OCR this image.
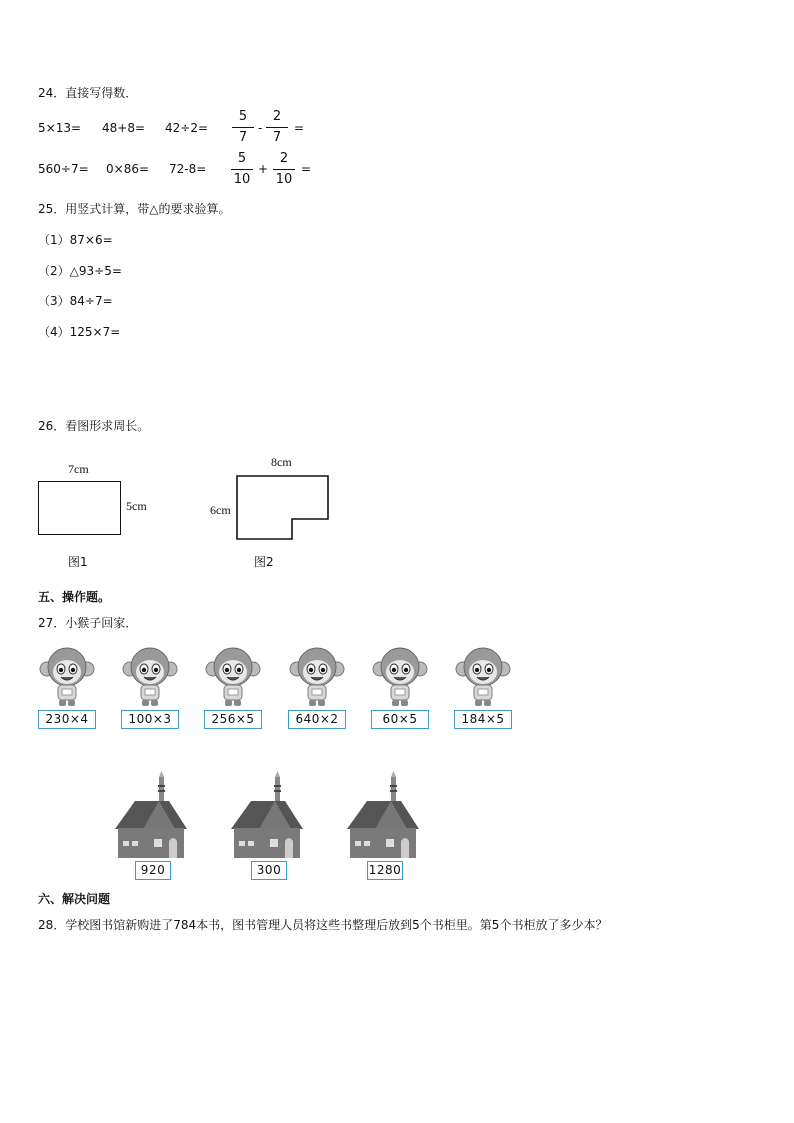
24．直接写得数．
5×13= 48+8= 42÷2=
5
7
-
2
7
=
560÷7= 0×86= 72-8=
5
10
+
2
10
=
25．用竖式计算，带△的要求验算。
（1）87×6=
（2）△93÷5=
（3）84÷7=
（4）125×7=
26．看图形求周长。
7cm
5cm
图1
8cm
6cm
图2
五、操作题。
27．小猴子回家．
230×4	100×3	256×5	640×2	60×5	184×5
920	300	1280
六、解决问题
28．学校图书馆新购进了784本书，图书管理人员将这些书整理后放到5个书柜里。第5个书柜放了多少本？
